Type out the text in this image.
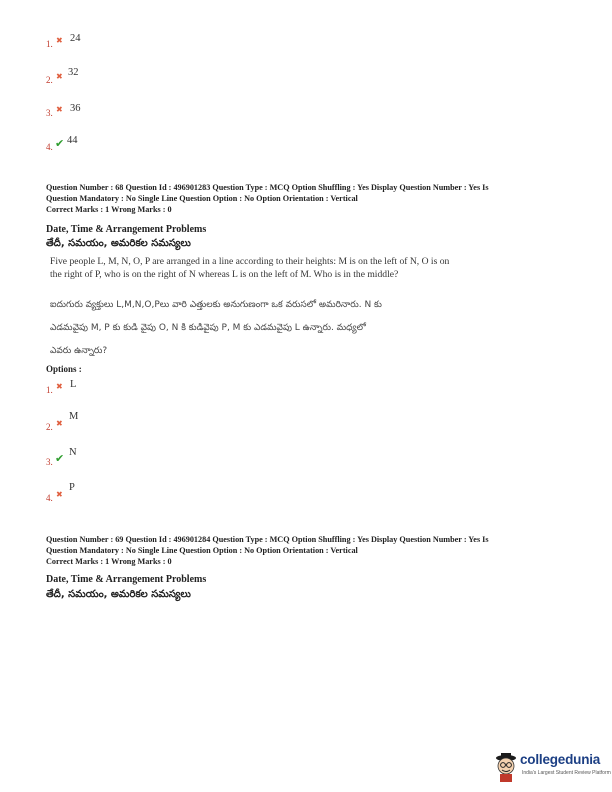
1. ✖ 24
2. ✖ 32
3. ✖ 36
4. ✔ 44
Question Number : 68 Question Id : 496901283 Question Type : MCQ Option Shuffling : Yes Display Question Number : Yes Is
Question Mandatory : No Single Line Question Option : No Option Orientation : Vertical
Correct Marks : 1 Wrong Marks : 0
Date, Time & Arrangement Problems
తేదీ, సమయం, అమరికల సమస్యలు
Five people L, M, N, O, P are arranged in a line according to their heights: M is on the left of N, O is on the right of P, who is on the right of N whereas L is on the left of M. Who is in the middle?
ఐదుగురు వ్యక్తులు L,M,N,O,Pలు వారి ఎత్తులకు అనుగుణంగా ఒక వరుసలో అమరినారు. N కు
ఎడమవైపు M, P కు కుడి వైపు O, N కి కుడివైపు P, M కు ఎడమవైపు L ఉన్నారు. మధ్యలో
ఎవరు ఉన్నారు?
Options :
1. ✖ L
2. ✖
M
3. ✔ N
4. ✖
P
Question Number : 69 Question Id : 496901284 Question Type : MCQ Option Shuffling : Yes Display Question Number : Yes Is
Question Mandatory : No Single Line Question Option : No Option Orientation : Vertical
Correct Marks : 1 Wrong Marks : 0
Date, Time & Arrangement Problems
తేదీ, సమయం, అమరికల సమస్యలు
collegedunia
India's Largest Student Review Platform
